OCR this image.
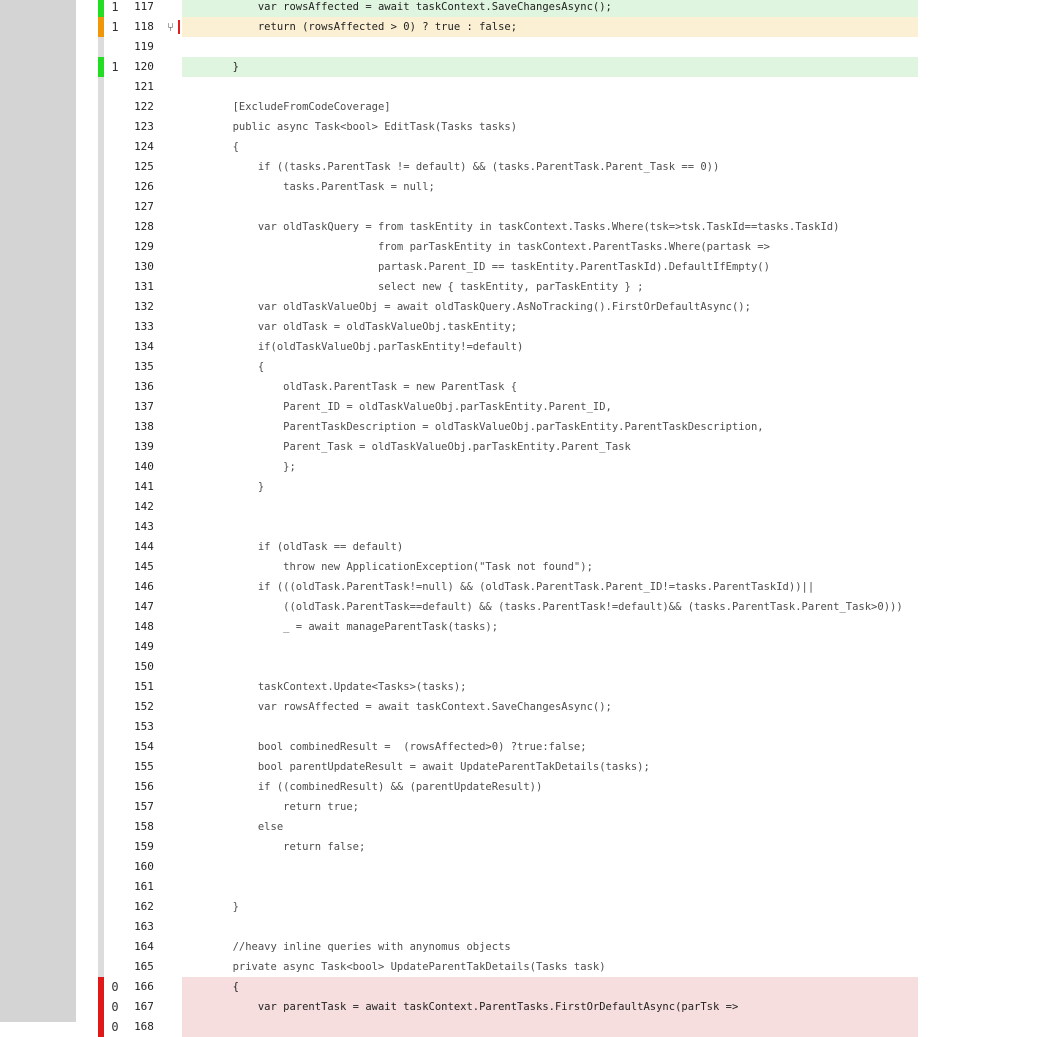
1	117	var rowsAffected = await taskContext.SaveChangesAsync();
1	118	return (rowsAffected > 0) ? true : false;
⑂
119
1	120	}
121
122	[ExcludeFromCodeCoverage]
123	public async Task<bool> EditTask(Tasks tasks)
124	{
125	if ((tasks.ParentTask != default) && (tasks.ParentTask.Parent_Task == 0))
126	tasks.ParentTask = null;
127
128	var oldTaskQuery = from taskEntity in taskContext.Tasks.Where(tsk=>tsk.TaskId==tasks.TaskId)
129	from parTaskEntity in taskContext.ParentTasks.Where(partask =>
130	partask.Parent_ID == taskEntity.ParentTaskId).DefaultIfEmpty()
131	select new { taskEntity, parTaskEntity } ;
132	var oldTaskValueObj = await oldTaskQuery.AsNoTracking().FirstOrDefaultAsync();
133	var oldTask = oldTaskValueObj.taskEntity;
134	if(oldTaskValueObj.parTaskEntity!=default)
135	{
136	oldTask.ParentTask = new ParentTask {
137	Parent_ID = oldTaskValueObj.parTaskEntity.Parent_ID,
138	ParentTaskDescription = oldTaskValueObj.parTaskEntity.ParentTaskDescription,
139	Parent_Task = oldTaskValueObj.parTaskEntity.Parent_Task
140	};
141	}
142
143
144	if (oldTask == default)
145	throw new ApplicationException("Task not found");
146	if (((oldTask.ParentTask!=null) && (oldTask.ParentTask.Parent_ID!=tasks.ParentTaskId))||
147	((oldTask.ParentTask==default) && (tasks.ParentTask!=default)&& (tasks.ParentTask.Parent_Task>0)))
148	_ = await manageParentTask(tasks);
149
150
151	taskContext.Update<Tasks>(tasks);
152	var rowsAffected = await taskContext.SaveChangesAsync();
153
154	bool combinedResult =  (rowsAffected>0) ?true:false;
155	bool parentUpdateResult = await UpdateParentTakDetails(tasks);
156	if ((combinedResult) && (parentUpdateResult))
157	return true;
158	else
159	return false;
160
161
162	}
163
164	//heavy inline queries with anynomus objects
165	private async Task<bool> UpdateParentTakDetails(Tasks task)
0	166	{
0	167	var parentTask = await taskContext.ParentTasks.FirstOrDefaultAsync(parTsk =>
0	168
